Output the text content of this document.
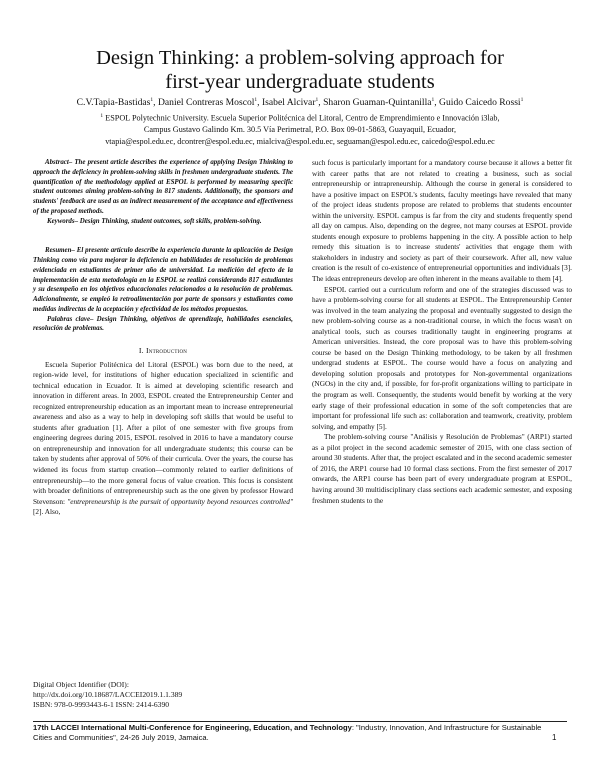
Design Thinking: a problem-solving approach for
first-year undergraduate students
C.V.Tapia-Bastidas$^1$, Daniel Contreras Moscol$^1$, Isabel Alcivar$^1$, Sharon Guaman-Quintanilla$^1$, Guido Caicedo Rossi$^1$
$^1$ ESPOL Polytechnic University. Escuela Superior Politécnica del Litoral, Centro de Emprendimiento e Innovación i3lab,
Campus Gustavo Galindo Km. 30.5 Vía Perimetral, P.O. Box 09-01-5863, Guayaquil, Ecuador,
vtapia@espol.edu.ec, dcontrer@espol.edu.ec, mialciva@espol.edu.ec, seguaman@espol.edu.ec, caicedo@espol.edu.ec

Abstract– The present article describes the experience of applying Design Thinking to approach the deficiency in problem-solving skills in freshmen undergraduate students. The quantification of the methodology applied at ESPOL is performed by measuring specific student outcomes aiming problem-solving in 817 students. Additionally, the sponsors and students' feedback are used as an indirect measurement of the acceptance and effectiveness of the proposed methods.

Keywords– Design Thinking, student outcomes, soft skills, problem-solving.

Resumen– El presente artículo describe la experiencia durante la aplicación de Design Thinking como vía para mejorar la deficiencia en habilidades de resolución de problemas evidenciada en estudiantes de primer año de universidad. La medición del efecto de la implementación de esta metodología en la ESPOL se realizó considerando 817 estudiantes y su desempeño en los objetivos educacionales relacionados a la resolución de problemas. Adicionalmente, se empleó la retroalimentación por parte de sponsors y estudiantes como medidas indirectas de la aceptación y efectividad de los métodos propuestos.

Palabras clave– Design Thinking, objetivos de aprendizaje, habilidades esenciales, resolución de problemas.

I. Introduction

Escuela Superior Politécnica del Litoral (ESPOL) was born due to the need, at region-wide level, for institutions of higher education specialized in scientific and technical education in Ecuador. It is aimed at developing scientific research and innovation in different areas. In 2003, ESPOL created the Entrepreneurship Center and recognized entrepreneurship education as an important mean to increase entrepreneurial awareness and also as a way to help in developing soft skills that would be useful to students after graduation [1]. After a pilot of one semester with five groups from engineering degrees during 2015, ESPOL resolved in 2016 to have a mandatory course on entrepreneurship and innovation for all undergraduate students; this course can be taken by students after approval of 50% of their curricula. Over the years, the course has widened its focus from startup creation—commonly related to earlier definitions of entrepreneurship—to the more general focus of value creation. This focus is consistent with broader definitions of entrepreneurship such as the one given by professor Howard Stevenson: "entrepreneurship is the pursuit of opportunity beyond resources controlled" [2]. Also,

such focus is particularly important for a mandatory course because it allows a better fit with career paths that are not related to creating a business, such as social entrepreneurship or intrapreneurship. Although the course in general is considered to have a positive impact on ESPOL's students, faculty meetings have revealed that many of the project ideas students propose are related to problems that students encounter within the university. ESPOL campus is far from the city and students frequently spend all day on campus. Also, depending on the degree, not many courses at ESPOL provide students enough exposure to problems happening in the city. A possible action to help remedy this situation is to increase students' activities that engage them with stakeholders in industry and society as part of their coursework. After all, new value creation is the result of co-existence of entrepreneurial opportunities and individuals [3]. The ideas entrepreneurs develop are often inherent in the means available to them [4].

ESPOL carried out a curriculum reform and one of the strategies discussed was to have a problem-solving course for all students at ESPOL. The Entrepreneurship Center was involved in the team analyzing the proposal and eventually suggested to design the new problem-solving course as a non-traditional course, in which the focus wasn't on analytical tools, such as courses traditionally taught in engineering programs at American universities. Instead, the core proposal was to have this problem-solving course be based on the Design Thinking methodology, to be taken by all freshmen undergrad students at ESPOL. The course would have a focus on analyzing and developing solution proposals and prototypes for Non-governmental organizations (NGOs) in the city and, if possible, for for-profit organizations willing to participate in the program as well. Consequently, the students would benefit by working at the very early stage of their professional education in some of the soft competencies that are important for professional life such as: collaboration and teamwork, creativity, problem solving, and empathy [5].

The problem-solving course "Análisis y Resolución de Problemas" (ARP1) started as a pilot project in the second academic semester of 2015, with one class section of around 30 students. After that, the project escalated and in the second academic semester of 2016, the ARP1 course had 10 formal class sections. From the first semester of 2017 onwards, the ARP1 course has been part of every undergraduate program at ESPOL, having around 30 multidisciplinary class sections each academic semester, and exposing freshmen students to the

Digital Object Identifier (DOI):
http://dx.doi.org/10.18687/LACCEI2019.1.1.389
ISBN: 978-0-9993443-6-1 ISSN: 2414-6390
17th LACCEI International Multi-Conference for Engineering, Education, and Technology: "Industry, Innovation, And Infrastructure for Sustainable Cities and Communities", 24-26 July 2019, Jamaica.	1
